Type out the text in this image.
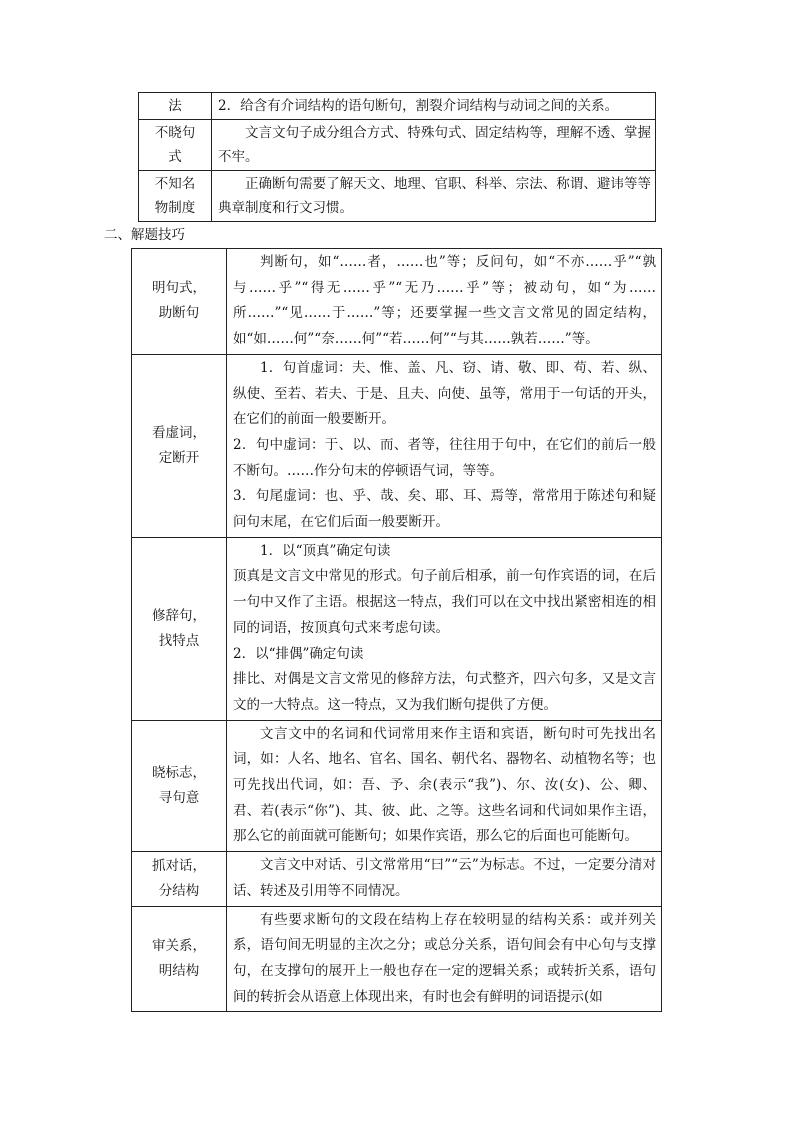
法	2．给含有介词结构的语句断句，割裂介词结构与动词之间的关系。
不晓句式	文言文句子成分组合方式、特殊句式、固定结构等，理解不透、掌握不牢。
不知名物制度	正确断句需要了解天文、地理、官职、科举、宗法、称谓、避讳等等典章制度和行文习惯。
二、解题技巧
明句式，助断句	判断句，如“……者，……也”等；反问句，如“不亦……乎”“孰与……乎”“得无……乎”“无乃……乎”等；被动句，如“为……所……”“见……于……”等；还要掌握一些文言文常见的固定结构，如“如……何”“奈……何”“若……何”“与其……孰若……”等。

看虚词，定断开	1．句首虚词：夫、惟、盖、凡、窃、请、敬、即、苟、若、纵、纵使、至若、若夫、于是、且夫、向使、虽等，常用于一句话的开头，在它们的前面一般要断开。
2．句中虚词：于、以、而、者等，往往用于句中，在它们的前后一般不断句。……作分句末的停顿语气词，等等。
3．句尾虚词：也、乎、哉、矣、耶、耳、焉等，常常用于陈述句和疑问句末尾，在它们后面一般要断开。

修辞句，找特点	1．以“顶真”确定句读
顶真是文言文中常见的形式。句子前后相承，前一句作宾语的词，在后一句中又作了主语。根据这一特点，我们可以在文中找出紧密相连的相同的词语，按顶真句式来考虑句读。
2．以“排偶”确定句读
排比、对偶是文言文常见的修辞方法，句式整齐，四六句多，又是文言文的一大特点。这一特点，又为我们断句提供了方便。

晓标志，寻句意	文言文中的名词和代词常用来作主语和宾语，断句时可先找出名词，如：人名、地名、官名、国名、朝代名、器物名、动植物名等；也可先找出代词，如：吾、予、余(表示“我”)、尔、汝(女)、公、卿、君、若(表示“你”)、其、彼、此、之等。这些名词和代词如果作主语，那么它的前面就可能断句；如果作宾语，那么它的后面也可能断句。

抓对话，分结构	文言文中对话、引文常常用“曰”“云”为标志。不过，一定要分清对话、转述及引用等不同情况。

审关系，明结构	有些要求断句的文段在结构上存在较明显的结构关系：或并列关系，语句间无明显的主次之分；或总分关系，语句间会有中心句与支撑句，在支撑句的展开上一般也存在一定的逻辑关系；或转折关系，语句间的转折会从语意上体现出来，有时也会有鲜明的词语提示(如
